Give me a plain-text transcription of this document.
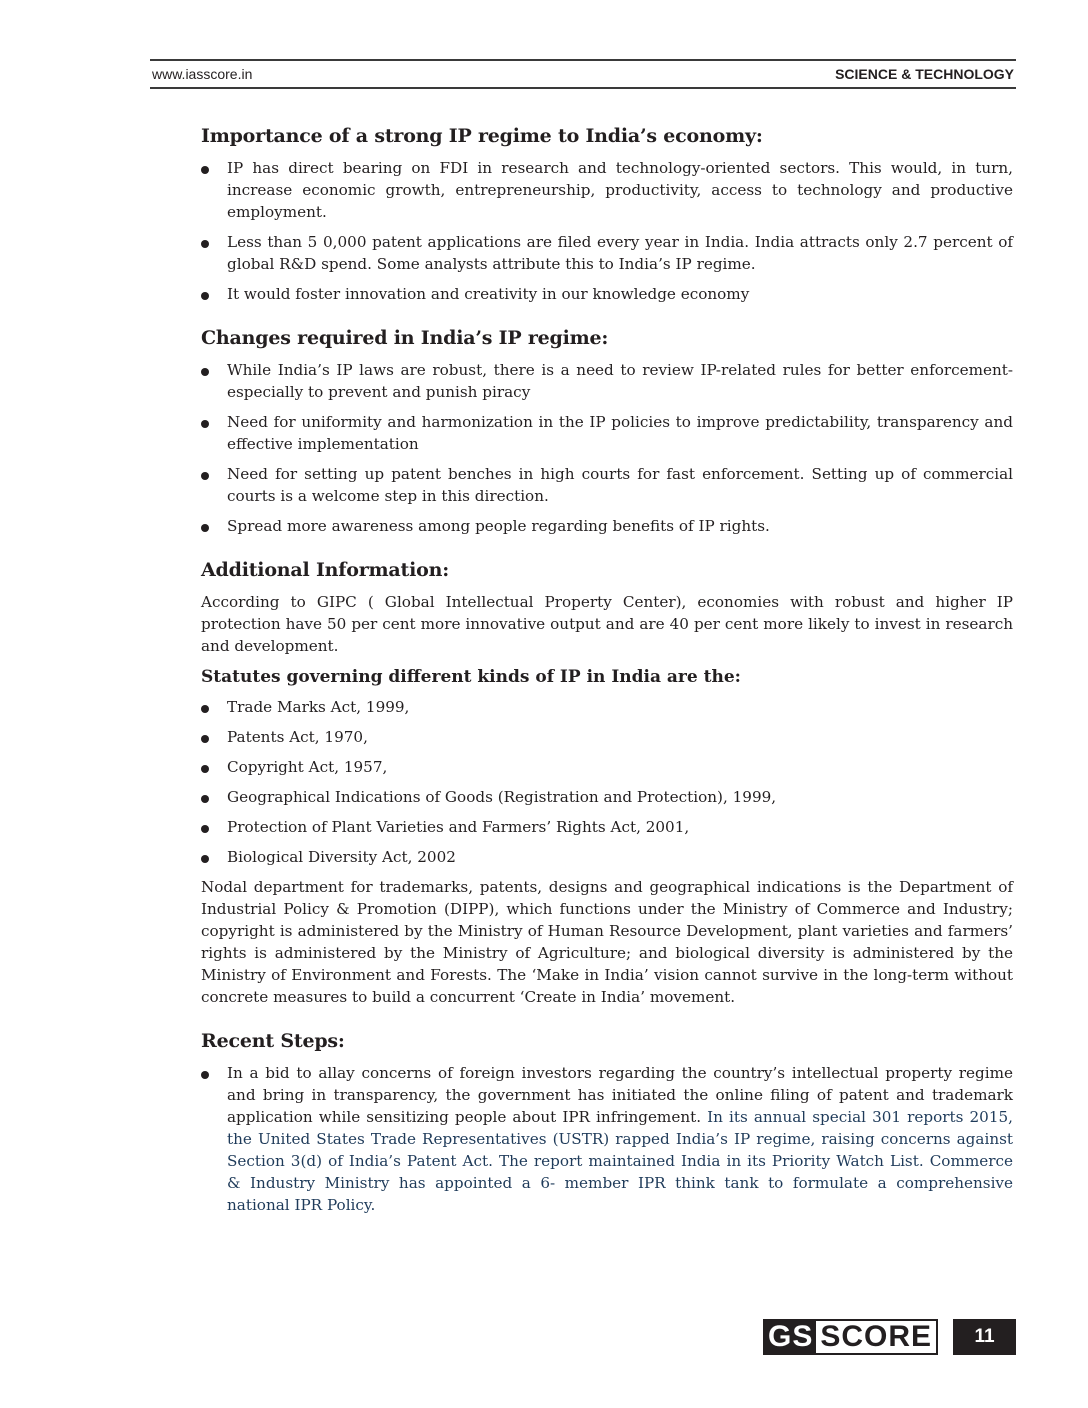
www.iasscore.in	SCIENCE & TECHNOLOGY
Importance of a strong IP regime to India’s economy:
IP has direct bearing on FDI in research and technology-oriented sectors. This would, in turn, increase economic growth, entrepreneurship, productivity, access to technology and productive employment.
Less than 5 0,000 patent applications are filed every year in India. India attracts only 2.7 percent of global R&D spend. Some analysts attribute this to India’s IP regime.
It would foster innovation and creativity in our knowledge economy
Changes required in India’s IP regime:
While India’s IP laws are robust, there is a need to review IP-related rules for better enforcement- especially to prevent and punish piracy
Need for uniformity and harmonization in the IP policies to improve predictability, transparency and effective implementation
Need for setting up patent benches in high courts for fast enforcement. Setting up of commercial courts is a welcome step in this direction.
Spread more awareness among people regarding benefits of IP rights.
Additional Information:

According to GIPC ( Global Intellectual Property Center), economies with robust and higher IP protection have 50 per cent more innovative output and are 40 per cent more likely to invest in research and development.

Statutes governing different kinds of IP in India are the:
Trade Marks Act, 1999,
Patents Act, 1970,
Copyright Act, 1957,
Geographical Indications of Goods (Registration and Protection), 1999,
Protection of Plant Varieties and Farmers’ Rights Act, 2001,
Biological Diversity Act, 2002

Nodal department for trademarks, patents, designs and geographical indications is the Department of Industrial Policy & Promotion (DIPP), which functions under the Ministry of Commerce and Industry; copyright is administered by the Ministry of Human Resource Development, plant varieties and farmers’ rights is administered by the Ministry of Agriculture; and biological diversity is administered by the Ministry of Environment and Forests. The ‘Make in India’ vision cannot survive in the long-term without concrete measures to build a concurrent ‘Create in India’ movement.

Recent Steps:
In a bid to allay concerns of foreign investors regarding the country’s intellectual property regime and bring in transparency, the government has initiated the online filing of patent and trademark application while sensitizing people about IPR infringement. In its annual special 301 reports 2015, the United States Trade Representatives (USTR) rapped India’s IP regime, raising concerns against Section 3(d) of India’s Patent Act. The report maintained India in its Priority Watch List. Commerce & Industry Ministry has appointed a 6- member IPR think tank to formulate a comprehensive national IPR Policy.
GS SCORE	11
